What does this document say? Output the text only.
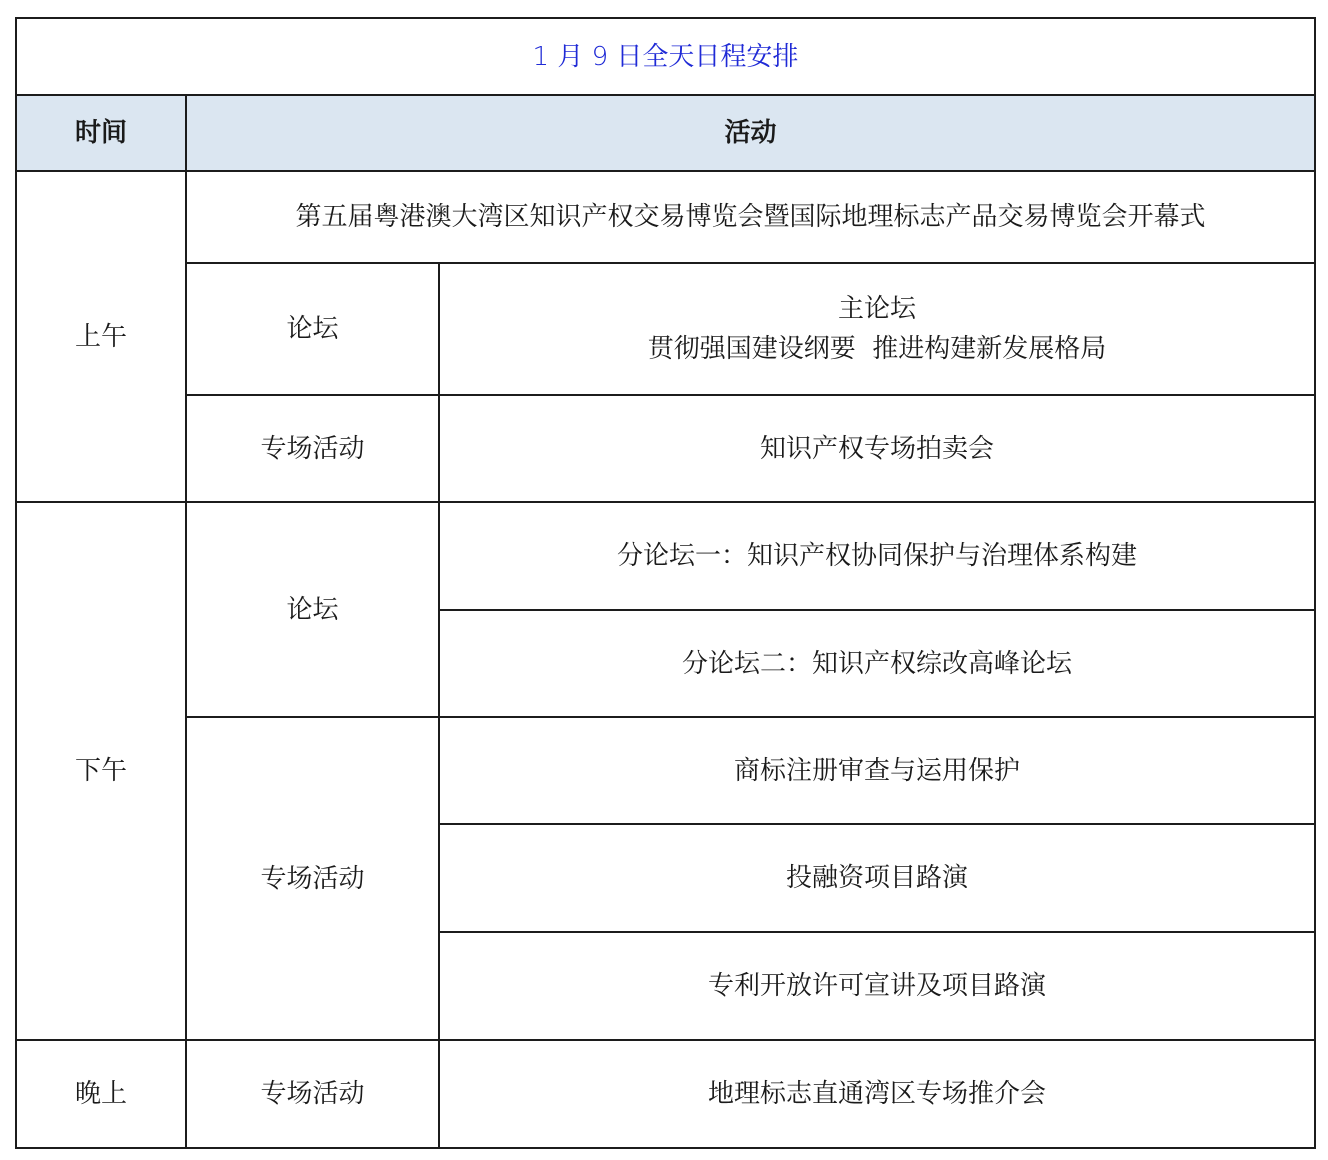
1 月 9 日全天日程安排		
时间	活动	
上午	第五届粤港澳大湾区知识产权交易博览会暨国际地理标志产品交易博览会开幕式	
	论坛	主论坛
贯彻强国建设纲要  推进构建新发展格局

	专场活动	知识产权专场拍卖会
下午	论坛	分论坛一：知识产权协同保护与治理体系构建
		分论坛二：知识产权综改高峰论坛
	专场活动	商标注册审查与运用保护
		投融资项目路演
		专利开放许可宣讲及项目路演
晚上	专场活动	地理标志直通湾区专场推介会
